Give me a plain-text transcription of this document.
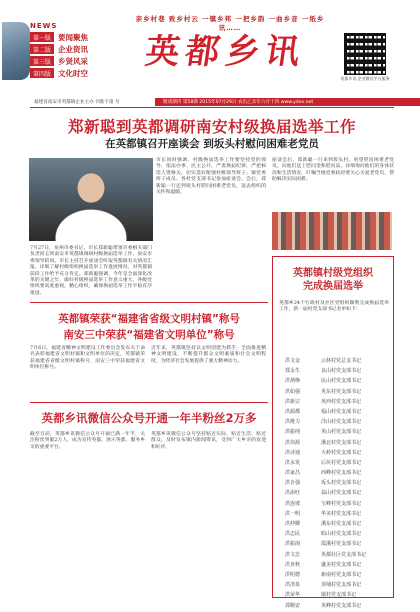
NEWS
第一版 要闻聚焦
第二版 企业资讯
第三版 乡贤风采
第四版 文化时空
亲乡村巷 致乡村云 一镇乡邦 一把乡韵 一曲乡音 一纸乡讯……
英都乡讯
英都乡讯 企业微信平台服务
福建省南安市英都镇企业主办 刊准字第 号	敬请期待 第58期 2015年07月29日 农历乙未年六月十四 www.ydxx.net
郑新聪到英都调研南安村级换届选举工作
在英都镇召开座谈会 到坂头村慰问困难老党员
市长同时强调，村级换届选举工作要坚持党的领导、依法办事、民主公开，严肃换届纪律，严把候选人资格关，切实选好配强村级领导班子。镇党委班子成员、各村党支部书记参加座谈会。会后，郑新聪一行还到坂头村慰问困难老党员，送去组织的关怀和温暖。
7月27日，泉州市委书记、市长郑新聪带领市委相关部门负责同志到南安市英都镇调研村级换届选举工作，南安市委领导陪同。市长主持召开座谈会听取英都镇有关情况汇报，详细了解村级组织换届选举工作进展情况，对英都镇前段工作给予充分肯定。郑新聪强调，今年是全面深化改革的关键之年，做好村级换届选举工作意义重大，各级党组织要高度重视，精心组织，确保换届选举工作平稳有序推进。
座谈会后，郑新聪一行来到坂头村，看望慰问困难老党员，向他们送上慰问金和慰问品，详细询问他们的身体状况和生活情况，叮嘱当地党委政府要关心关爱老党员，帮助解决实际困难。
英都镇荣获“福建省省级文明村镇”称号
南安三中荣获“福建省文明单位”称号
7月6日，福建省精神文明建设工作委员会发布关于命名表彰福建省文明村镇和文明单位的决定，英都镇荣获福建省省级文明村镇称号，南安三中荣获福建省文明单位称号。
近年来，英都镇坚持以文明创建为抓手，全面推进精神文明建设，不断提升群众文明素质和社会文明程度，为经济社会发展提供了强大精神动力。
英都乡讯微信公众号开通一年半粉丝2万多
截至目前，英都乡讯微信公众号开通已满一年半，关注粉丝突破2万人，成为宣传英都、展示英都、服务乡亲的重要平台。
英都乡讯微信公众号坚持贴近实际、贴近生活、贴近群众，及时发布镇内新闻资讯，受到广大乡亲的欢迎和好评。
英都镇村级党组织
完成换届选举
英都乡24个行政村及社区党组织顺利完成换届选举工作，新一届村党支部书记名单如下：
洪文金	云林村党总支书记
郑永生	良山村党支部书记
洪炳焕	民山村党支部书记
洪如强	英东村党支部书记
洪新宗	英西村党支部书记
洪源都	福山村党支部书记
洪维力	洋山村党支部书记
洪振纯	英山村党支部书记
洪伟源	溪北村党支部书记
洪诗通	大岭村党支部书记
洪永发	后坑村党支部书记
洪家昌	西峰村党支部书记
洪自强	坂头村党支部书记
洪添旺	翁山村党支部书记
洪连坡	宝峰村党支部书记
洪一明	华美村党支部书记
洪仲卿	溪东村党支部书记
洪志民	昭山村党支部书记
洪振南	霞溪村党支部书记
洪文忠	英都社区党支部书记
洪亚秋	盛美村党支部书记
洪明德	新南村党支部书记
洪清泉	顶埔村党支部书记
洪荣华	镇村党支部书记
郭顺安	英峰村党支部书记
